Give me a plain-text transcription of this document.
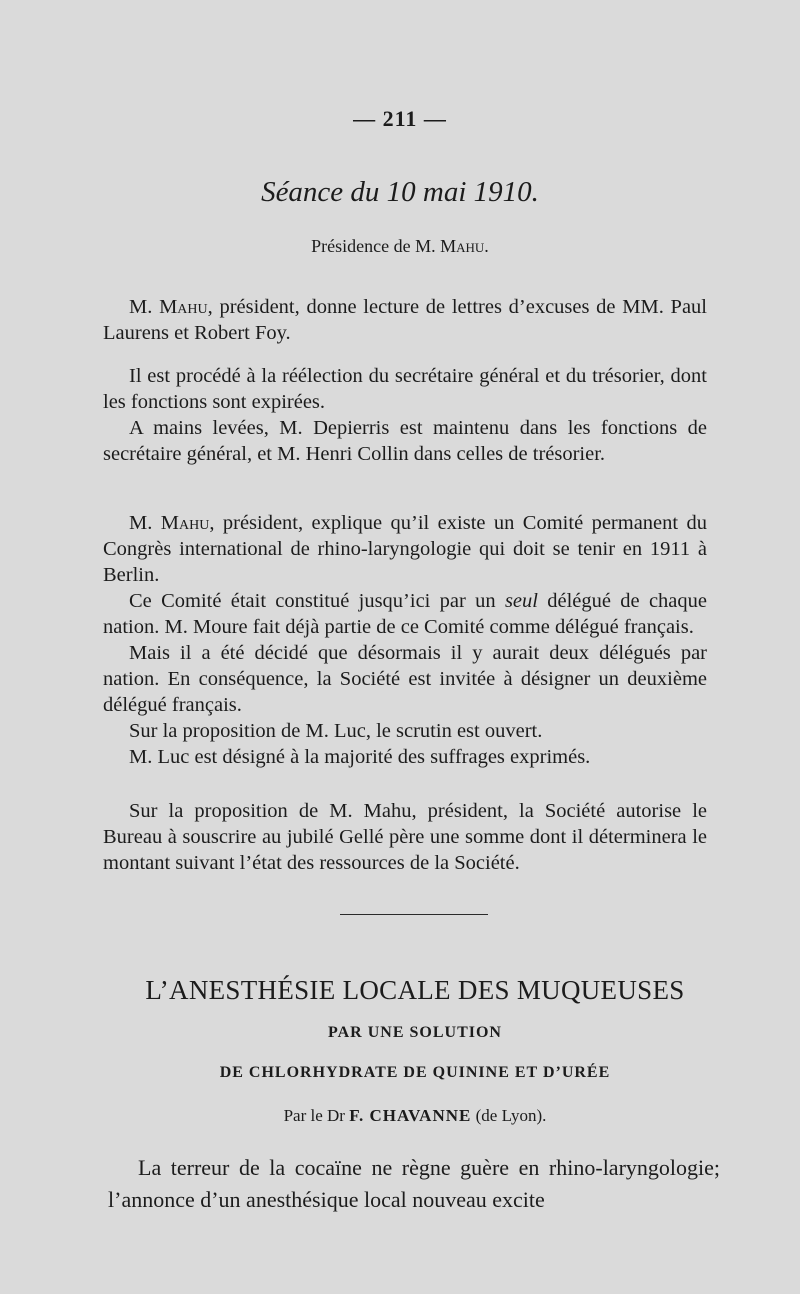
— 211 —
Séance du 10 mai 1910.
Présidence de M. Mahu.

M. Mahu, président, donne lecture de lettres d’excuses de MM. Paul Laurens et Robert Foy.

Il est procédé à la réélection du secrétaire général et du trésorier, dont les fonctions sont expirées.

A mains levées, M. Depierris est maintenu dans les fonctions de secrétaire général, et M. Henri Collin dans celles de trésorier.

M. Mahu, président, explique qu’il existe un Comité permanent du Congrès international de rhino-laryngologie qui doit se tenir en 1911 à Berlin.

Ce Comité était constitué jusqu’ici par un seul délégué de chaque nation. M. Moure fait déjà partie de ce Comité comme délégué français.

Mais il a été décidé que désormais il y aurait deux délégués par nation. En conséquence, la Société est invitée à désigner un deuxième délégué français.

Sur la proposition de M. Luc, le scrutin est ouvert.

M. Luc est désigné à la majorité des suffrages exprimés.

Sur la proposition de M. Mahu, président, la Société autorise le Bureau à souscrire au jubilé Gellé père une somme dont il déterminera le montant suivant l’état des ressources de la Société.

L’ANESTHÉSIE LOCALE DES MUQUEUSES
PAR UNE SOLUTION
DE CHLORHYDRATE DE QUININE ET D’URÉE
Par le Dr F. CHAVANNE (de Lyon).

La terreur de la cocaïne ne règne guère en rhino-laryngologie; l’annonce d’un anesthésique local nouveau excite
